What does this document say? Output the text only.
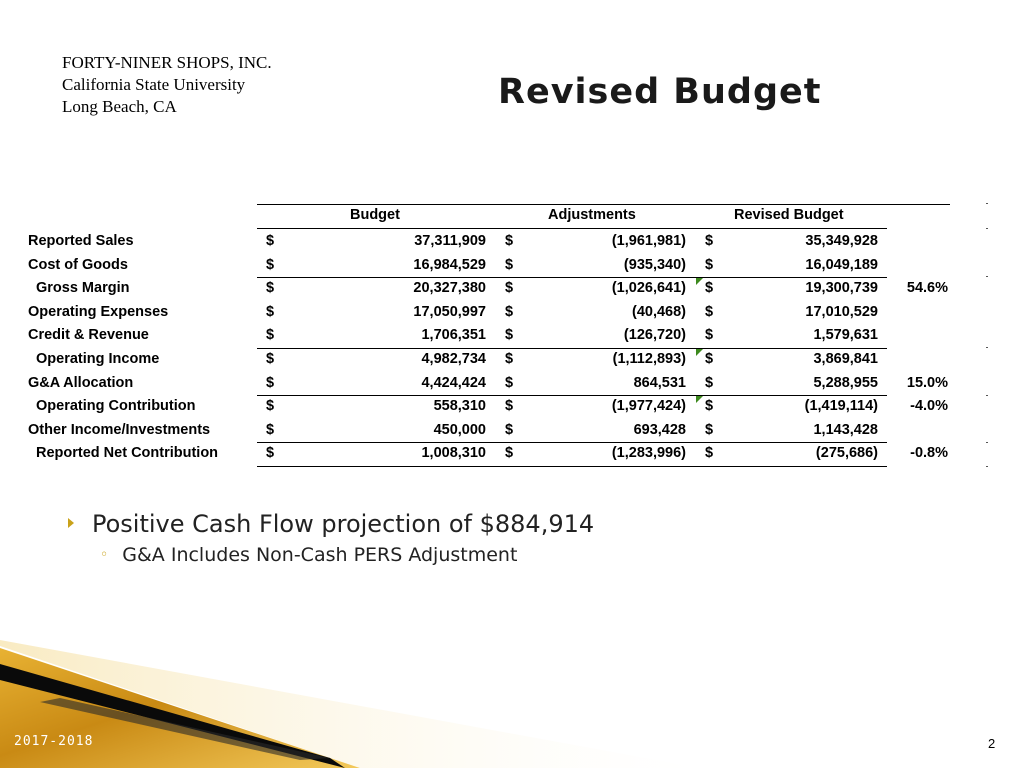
FORTY-NINER SHOPS, INC.
California State University
Long Beach, CA	Revised Budget
Budget	Adjustments	Revised Budget
Reported Sales	$	37,311,909 $	(1,961,981) $	35,349,928
Cost of Goods	$	16,984,529 $	(935,340) $	16,049,189
Gross Margin	$	20,327,380 $	(1,026,641) $	19,300,739 54.6%
Operating Expenses	$	17,050,997 $	(40,468) $	17,010,529
Credit & Revenue	$	1,706,351 $	(126,720) $	1,579,631
Operating Income	$	4,982,734 $	(1,112,893) $	3,869,841
G&A Allocation	$	4,424,424 $	864,531 $	5,288,955 15.0%
Operating Contribution	$	558,310 $	(1,977,424) $	(1,419,114) -4.0%
Other Income/Investments	$	450,000 $	693,428 $	1,143,428
Reported Net Contribution	$	1,008,310 $	(1,283,996) $	(275,686) -0.8%
Positive Cash Flow projection of $884,914
◦ G&A Includes Non-Cash PERS Adjustment
2017-2018	2
